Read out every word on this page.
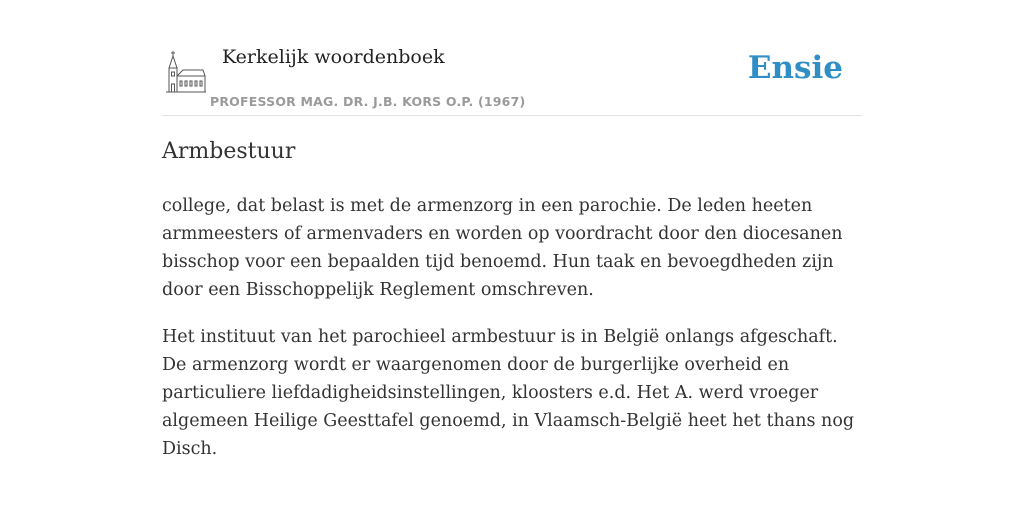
Kerkelijk woordenboek
PROFESSOR MAG. DR. J.B. KORS O.P. (1967)
Ensie
Armbestuur

college, dat belast is met de armenzorg in een parochie. De leden heeten armmeesters of armenvaders en worden op voordracht door den diocesanen bisschop voor een bepaalden tijd benoemd. Hun taak en bevoegdheden zijn door een Bisschoppelijk Reglement omschreven.

Het instituut van het parochieel armbestuur is in België onlangs afgeschaft. De armenzorg wordt er waargenomen door de burgerlijke overheid en particuliere liefdadigheidsinstellingen, kloosters e.d. Het A. werd vroeger algemeen Heilige Geesttafel genoemd, in Vlaamsch-België heet het thans nog Disch.
